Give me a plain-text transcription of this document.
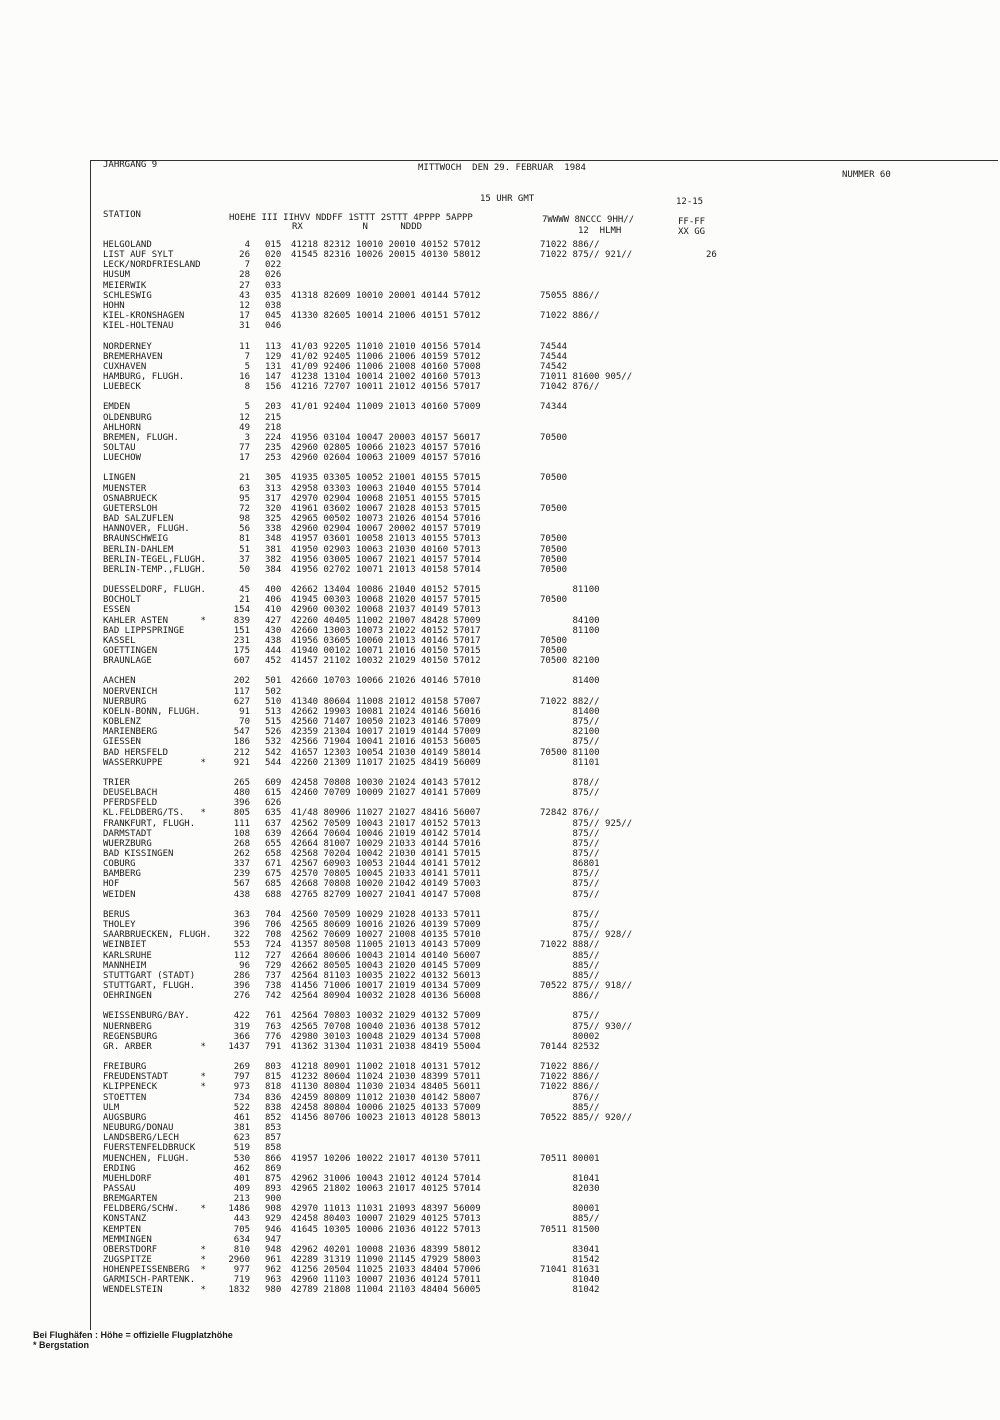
JAHRGANG 9	MITTWOCH  DEN 29. FEBRUAR  1984
NUMMER 60
15 UHR GMT	12-15
STATION	HOEHE III IIHVV NDDFF 1STTT 2STTT 4PPPP 5APPP
RX           N      NDDD
7WWWW 8NCCC 9HH//
12  HLMH
FF-FF
XX GG
HELGOLAND	4 015 41218 82312 10010 20010 40152 57012	71022 886//
LIST AUF SYLT	26 020 41545 82316 10026 20015 40130 58012	71022 875// 921//	26
LECK/NORDFRIESLAND	7 022
HUSUM	28 026
MEIERWIK	27 033
SCHLESWIG	43 035 41318 82609 10010 20001 40144 57012	75055 886//
HOHN	12 038
KIEL-KRONSHAGEN	17 045 41330 82605 10014 21006 40151 57012	71022 886//
KIEL-HOLTENAU	31 046
NORDERNEY	11 113 41/03 92205 11010 21010 40156 57014	74544
BREMERHAVEN	7 129 41/02 92405 11006 21006 40159 57012	74544
CUXHAVEN	5 131 41/09 92406 11006 21008 40160 57008	74542
HAMBURG, FLUGH.	16 147 41238 13104 10014 21002 40160 57013	71011 81600 905//
LUEBECK	8 156 41216 72707 10011 21012 40156 57017	71042 876//
EMDEN	5 203 41/01 92404 11009 21013 40160 57009	74344
OLDENBURG	12 215
AHLHORN	49 218
BREMEN, FLUGH.	3 224 41956 03104 10047 20003 40157 56017	70500
SOLTAU	77 235 42960 02805 10066 21023 40157 57016
LUECHOW	17 253 42960 02604 10063 21009 40157 57016
LINGEN	21 305 41935 03305 10052 21001 40155 57015	70500
MUENSTER	63 313 42958 03303 10063 21040 40155 57014
OSNABRUECK	95 317 42970 02904 10068 21051 40155 57015
GUETERSLOH	72 320 41961 03602 10067 21028 40153 57015	70500
BAD SALZUFLEN	98 325 42965 00502 10073 21026 40154 57016
HANNOVER, FLUGH.	56 338 42960 02904 10067 20002 40157 57019
BRAUNSCHWEIG	81 348 41957 03601 10058 21013 40155 57013	70500
BERLIN-DAHLEM	51 381 41950 02903 10063 21030 40160 57013	70500
BERLIN-TEGEL,FLUGH.	37 382 41956 03005 10067 21021 40157 57014	70500
BERLIN-TEMP.,FLUGH.	50 384 41956 02702 10071 21013 40158 57014	70500
DUESSELDORF, FLUGH.	45 400 42662 13404 10086 21040 40152 57015	81100
BOCHOLT	21 406 41945 00303 10068 21020 40157 57015	70500
ESSEN	154 410 42960 00302 10068 21037 40149 57013
KAHLER ASTEN      *	839 427 42260 40405 11002 21007 48428 57009	84100
BAD LIPPSPRINGE	151 430 42660 13003 10073 21022 40152 57017	81100
KASSEL	231 438 41956 03605 10060 21013 40146 57017	70500
GOETTINGEN	175 444 41940 00102 10071 21016 40150 57015	70500
BRAUNLAGE	607 452 41457 21102 10032 21029 40150 57012	70500 82100
AACHEN	202 501 42660 10703 10066 21026 40146 57010	81400
NOERVENICH	117 502
NUERBURG	627 510 41340 80604 11008 21012 40158 57007	71022 882//
KOELN-BONN, FLUGH.	91 513 42662 19903 10081 21024 40146 56016	81400
KOBLENZ	70 515 42560 71407 10050 21023 40146 57009	875//
MARIENBERG	547 526 42359 21304 10017 21019 40144 57009	82100
GIESSEN	186 532 42566 71904 10041 21016 40153 56005	875//
BAD HERSFELD	212 542 41657 12303 10054 21030 40149 58014	70500 81100
WASSERKUPPE       *	921 544 42260 21309 11017 21025 48419 56009	81101
TRIER	265 609 42458 70808 10030 21024 40143 57012	878//
DEUSELBACH	480 615 42460 70709 10009 21027 40141 57009	875//
PFERDSFELD	396 626
KL.FELDBERG/TS.   *	805 635 41/48 80906 11027 21027 48416 56007	72842 876//
FRANKFURT, FLUGH.	111 637 42562 70509 10043 21017 40152 57013	875// 925//
DARMSTADT	108 639 42664 70604 10046 21019 40142 57014	875//
WUERZBURG	268 655 42664 81007 10029 21033 40144 57016	875//
BAD KISSINGEN	262 658 42568 70204 10042 21030 40141 57015	875//
COBURG	337 671 42567 60903 10053 21044 40141 57012	86801
BAMBERG	239 675 42570 70805 10045 21033 40141 57011	875//
HOF	567 685 42668 70808 10020 21042 40149 57003	875//
WEIDEN	438 688 42765 82709 10027 21041 40147 57008	875//
BERUS	363 704 42560 70509 10029 21028 40133 57011	875//
THOLEY	396 706 42565 80609 10016 21026 40139 57009	875//
SAARBRUECKEN, FLUGH.	322 708 42562 70609 10027 21008 40135 57010	875// 928//
WEINBIET	553 724 41357 80508 11005 21013 40143 57009	71022 888//
KARLSRUHE	112 727 42664 80606 10043 21014 40140 56007	885//
MANNHEIM	96 729 42662 80505 10043 21020 40145 57009	885//
STUTTGART (STADT)	286 737 42564 81103 10035 21022 40132 56013	885//
STUTTGART, FLUGH.	396 738 41456 71006 10017 21019 40134 57009	70522 875// 918//
OEHRINGEN	276 742 42564 80904 10032 21028 40136 56008	886//
WEISSENBURG/BAY.	422 761 42564 70803 10032 21029 40132 57009	875//
NUERNBERG	319 763 42565 70708 10040 21036 40138 57012	875// 930//
REGENSBURG	366 776 42980 30103 10048 21029 40134 57008	80002
GR. ARBER         *	1437 791 41362 31304 11031 21038 48419 55004	70144 82532
FREIBURG	269 803 41218 80901 11002 21018 40131 57012	71022 886//
FREUDENSTADT      *	797 815 41232 80604 11024 21030 48399 57011	71022 886//
KLIPPENECK        *	973 818 41130 80804 11030 21034 48405 56011	71022 886//
STOETTEN	734 836 42459 80809 11012 21030 40142 58007	876//
ULM	522 838 42458 80804 10006 21025 40133 57009	885//
AUGSBURG	461 852 41456 80706 10023 21013 40128 58013	70522 885// 920//
NEUBURG/DONAU	381 853
LANDSBERG/LECH	623 857
FUERSTENFELDBRUCK	519 858
MUENCHEN, FLUGH.	530 866 41957 10206 10022 21017 40130 57011	70511 80001
ERDING	462 869
MUEHLDORF	401 875 42962 31006 10043 21012 40124 57014	81041
PASSAU	409 893 42965 21802 10063 21017 40125 57014	82030
BREMGARTEN	213 900
FELDBERG/SCHW.    *	1486 908 42970 11013 11031 21093 48397 56009	80001
KONSTANZ	443 929 42458 80403 10007 21029 40125 57013	885//
KEMPTEN	705 946 41645 10305 10006 21036 40122 57013	70511 81500
MEMMINGEN	634 947
OBERSTDORF        *	810 948 42962 40201 10008 21036 48399 58012	83041
ZUGSPITZE         *	2960 961 42289 31319 11090 21145 47929 58003	81542
HOHENPEISSENBERG  *	977 962 41256 20504 11025 21033 48404 57006	71041 81631
GARMISCH-PARTENK.	719 963 42960 11103 10007 21036 40124 57011	81040
WENDELSTEIN       *	1832 980 42789 21808 11004 21103 48404 56005	81042
Bei Flughäfen : Höhe = offizielle Flugplatzhöhe
* Bergstation
